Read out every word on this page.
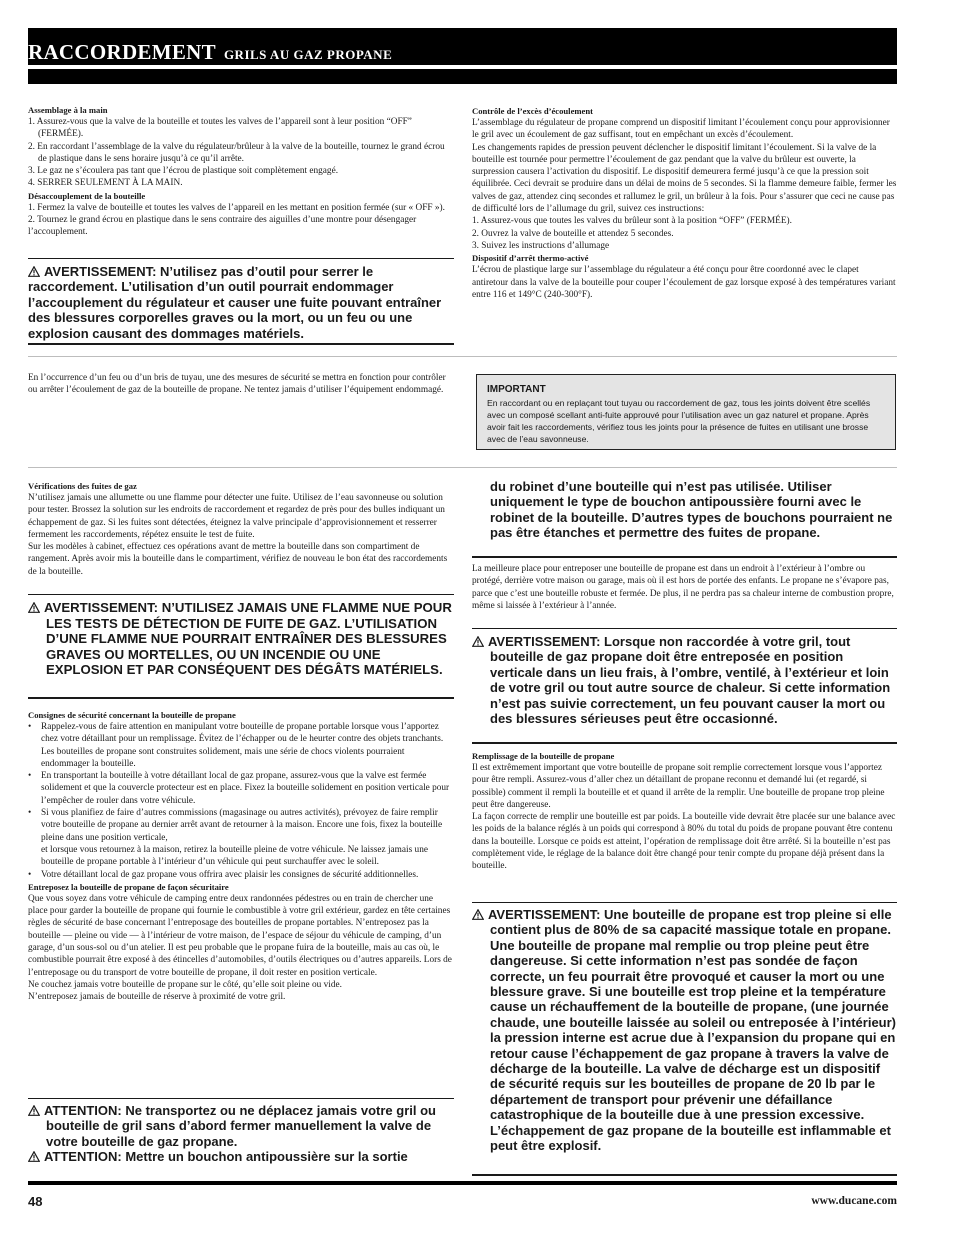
RACCORDEMENT GRILS AU GAZ PROPANE

Assemblage à la main

1. Assurez-vous que la valve de la bouteille et toutes les valves de l’appareil sont à leur position “OFF” (FERMÉE).
2. En raccordant l’assemblage de la valve du régulateur/brûleur à la valve de la bouteille, tournez le grand écrou de plastique dans le sens horaire jusqu’à ce qu’il arrête.
3. Le gaz ne s’écoulera pas tant que l’écrou de plastique soit complètement engagé.
4. SERRER SEULEMENT À LA MAIN.

Désaccouplement de la bouteille

1. Fermez la valve de bouteille et toutes les valves de l’appareil en les mettant en position fermée (sur « OFF »).
2. Tournez le grand écrou en plastique dans le sens contraire des aiguilles d’une montre pour désengager l’accouplement.

AVERTISSEMENT: N’utilisez pas d’outil pour serrer le raccordement. L’utilisation d’un outil pourrait endommager l’accouplement du régulateur et causer une fuite pouvant entraîner des blessures corporelles graves ou la mort, ou un feu ou une explosion causant des dommages matériels.

Contrôle de l’excès d’écoulement

L’assemblage du régulateur de propane comprend un dispositif limitant l’écoulement conçu pour approvisionner le gril avec un écoulement de gaz suffisant, tout en empêchant un excès d’écoulement.

Les changements rapides de pression peuvent déclencher le dispositif limitant l’écoulement. Si la valve de la bouteille est tournée pour permettre l’écoulement de gaz pendant que la valve du brûleur est ouverte, la surpression causera l’activation du dispositif. Le dispositif demeurera fermé jusqu’à ce que la pression soit équilibrée. Ceci devrait se produire dans un délai de moins de 5 secondes. Si la flamme demeure faible, fermer les valves de gaz, attendez cinq secondes et rallumez le gril, un brûleur à la fois. Pour s’assurer que ceci ne cause pas de difficulté lors de l’allumage du gril, suivez ces instructions:

1. Assurez-vous que toutes les valves du brûleur sont à la position “OFF” (FERMÉE).
2. Ouvrez la valve de bouteille et attendez 5 secondes.
3. Suivez les instructions d’allumage

Dispositif d’arrêt thermo-activé

L’écrou de plastique large sur l’assemblage du régulateur a été conçu pour être coordonné avec le clapet antiretour dans la valve de la bouteille pour couper l’écoulement de gaz lorsque exposé à des températures variant entre 116 et 149°C (240-300°F).

En l’occurrence d’un feu ou d’un bris de tuyau, une des mesures de sécurité se mettra en fonction pour contrôler ou arrêter l’écoulement de gaz de la bouteille de propane. Ne tentez jamais d’utiliser l’équipement endommagé.	IMPORTANT

En raccordant ou en replaçant tout tuyau ou raccordement de gaz, tous les joints doivent être scellés avec un composé scellant anti-fuite approuvé pour l’utilisation avec un gaz naturel et propane. Après avoir fait les raccordements, vérifiez tous les joints pour la présence de fuites en utilisant une brosse avec de l’eau savonneuse.

Vérifications des fuites de gaz

N’utilisez jamais une allumette ou une flamme pour détecter une fuite. Utilisez de l’eau savonneuse ou solution pour tester. Brossez la solution sur les endroits de raccordement et regardez de près pour des bulles indiquant un échappement de gaz. Si les fuites sont détectées, éteignez la valve principale d’approvisionnement et resserrer fermement les raccordements, répétez ensuite le test de fuite.

Sur les modèles à cabinet, effectuez ces opérations avant de mettre la bouteille dans son compartiment de rangement. Après avoir mis la bouteille dans le compartiment, vérifiez de nouveau le bon état des raccordements de la bouteille.

AVERTISSEMENT: N’UTILISEZ JAMAIS UNE FLAMME NUE POUR LES TESTS DE DÉTECTION DE FUITE DE GAZ. L’UTILISATION D’UNE FLAMME NUE POURRAIT ENTRAÎNER DES BLESSURES GRAVES OU MORTELLES, OU UN INCENDIE OU UNE EXPLOSION ET PAR CONSÉQUENT DES DÉGÂTS MATÉRIELS.

Consignes de sécurité concernant la bouteille de propane

• Rappelez-vous de faire attention en manipulant votre bouteille de propane portable lorsque vous l’apportez chez votre détaillant pour un remplissage. Évitez de l’échapper ou de le heurter contre des objets tranchants. Les bouteilles de propane sont construites solidement, mais une série de chocs violents pourraient endommager la bouteille.
• En transportant la bouteille à votre détaillant local de gaz propane, assurez-vous que la valve est fermée solidement et que la couvercle protecteur est en place. Fixez la bouteille solidement en position verticale pour l’empêcher de rouler dans votre véhicule.
• Si vous planifiez de faire d’autres commissions (magasinage ou autres activités), prévoyez de faire remplir votre bouteille de propane au dernier arrêt avant de retourner à la maison. Encore une fois, fixez la bouteille pleine dans une position verticale,
et lorsque vous retournez à la maison, retirez la bouteille pleine de votre véhicule. Ne laissez jamais une bouteille de propane portable à l’intérieur d’un véhicule qui peut surchauffer avec le soleil.
• Votre détaillant local de gaz propane vous offrira avec plaisir les consignes de sécurité additionnelles.

Entreposez la bouteille de propane de façon sécuritaire

Que vous soyez dans votre véhicule de camping entre deux randonnées pédestres ou en train de chercher une place pour garder la bouteille de propane qui fournie le combustible à votre gril extérieur, gardez en tête certaines règles de sécurité de base concernant l’entreposage des bouteilles de propane portables. N’entreposez pas la bouteille — pleine ou vide — à l’intérieur de votre maison, de l’espace de séjour du véhicule de camping, d’un garage, d’un sous-sol ou d’un atelier. Il est peu probable que le propane fuira de la bouteille, mais au cas où, le combustible pourrait être exposé à des étincelles d’automobiles, d’outils électriques ou d’autres appareils. Lors de l’entreposage ou du transport de votre bouteille de propane, il doit rester en position verticale.
Ne couchez jamais votre bouteille de propane sur le côté, qu’elle soit pleine ou vide.
N’entreposez jamais de bouteille de réserve à proximité de votre gril.

ATTENTION: Ne transportez ou ne déplacez jamais votre gril ou bouteille de gril sans d’abord fermer manuellement la valve de votre bouteille de gaz propane.

ATTENTION: Mettre un bouchon antipoussière sur la sortie

du robinet d’une bouteille qui n’est pas utilisée. Utiliser uniquement le type de bouchon antipoussière fourni avec le robinet de la bouteille. D’autres types de bouchons pourraient ne pas être étanches et permettre des fuites de propane.

La meilleure place pour entreposer une bouteille de propane est dans un endroit à l’extérieur à l’ombre ou protégé, derrière votre maison ou garage, mais où il est hors de portée des enfants. Le propane ne s’évapore pas, parce que c’est une bouteille robuste et fermée. De plus, il ne perdra pas sa chaleur interne de combustion propre, même si laissée à l’extérieur à l’année.

AVERTISSEMENT: Lorsque non raccordée à votre gril, tout bouteille de gaz propane doit être entreposée en position verticale dans un lieu frais, à l’ombre, ventilé, à l’extérieur et loin de votre gril ou tout autre source de chaleur. Si cette information n’est pas suivie correctement, un feu pouvant causer la mort ou des blessures sérieuses peut être occasionné.

Remplissage de la bouteille de propane

Il est extrêmement important que votre bouteille de propane soit remplie correctement lorsque vous l’apportez pour être rempli. Assurez-vous d’aller chez un détaillant de propane reconnu et demandé lui (et regardé, si possible) comment il rempli la bouteille et et quand il arrête de la remplir. Une bouteille de propane trop pleine peut être dangereuse.

La façon correcte de remplir une bouteille est par poids. La bouteille vide devrait être placée sur une balance avec les poids de la balance réglés à un poids qui correspond à 80% du total du poids de propane pouvant être contenu dans la bouteille. Lorsque ce poids est atteint, l’opération de remplissage doit être arrêté. Si la bouteille n’est pas complètement vide, le réglage de la balance doit être changé pour tenir compte du propane déjà présent dans la bouteille.

AVERTISSEMENT: Une bouteille de propane est trop pleine si elle contient plus de 80% de sa capacité massique totale en propane. Une bouteille de propane mal remplie ou trop pleine peut être dangereuse. Si cette information n’est pas sondée de façon correcte, un feu pourrait être provoqué et causer la mort ou une blessure grave. Si une bouteille est trop pleine et la température cause un réchauffement de la bouteille de propane, (une journée chaude, une bouteille laissée au soleil ou entreposée à l’intérieur) la pression interne est acrue due à l’expansion du propane qui en retour cause l’échappement de gaz propane à travers la valve de décharge de la bouteille. La valve de décharge est un dispositif de sécurité requis sur les bouteilles de propane de 20 lb par le département de transport pour prévenir une défaillance catastrophique de la bouteille due à une pression excessive. L’échappement de gaz propane de la bouteille est inflammable et peut être explosif.

48	www.ducane.com
